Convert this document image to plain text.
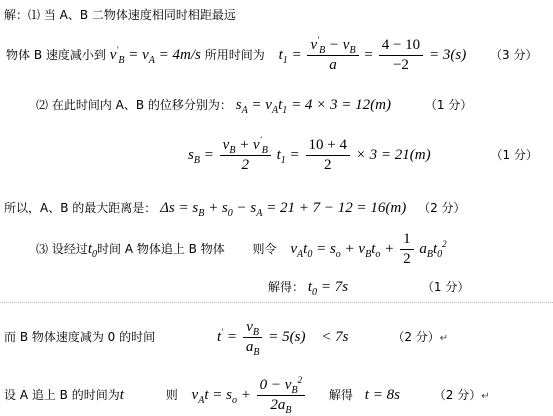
解：⑴ 当 A、B 二物体速度相同时相距最远
物体 B 速度减小到 $v'_B = v_A = 4m/s$ 所用时间为 $t_1 = \frac{v'_B - v_B}{a} = \frac{4 - 10}{-2} = 3(s)$ （3 分）
⑵ 在此时间内 A、B 的位移分别为： $s_A = v_At_1 = 4 \times 3 = 12(m)$	（1 分）
$s_B = \frac{v_B + v'_B}{2} t_1 = \frac{10 + 4}{2} \times 3 = 21(m)$	（1 分）
所以，A、B 的最大距离是： $\Delta s = s_B + s_0 - s_A = 21 + 7 - 12 = 16(m)$ （2 分）
⑶ 设经过$t_0$时间 A 物体追上 B 物体 则令 $v_At_0 = s_o + v_Bt_o + \frac{1}{2} a_Bt_0^2$
解得： $t_0 = 7s$	（1 分）
而 B 物体速度减为 0 的时间	$t' = \frac{v_B}{a_B} = 5(s) < 7s$	（2 分）↵
设 A 追上 B 的时间为t	则 $v_At = s_o + \frac{0 - v_B^2}{2a_B}$ 解得 t = 8s	（2 分）↵
